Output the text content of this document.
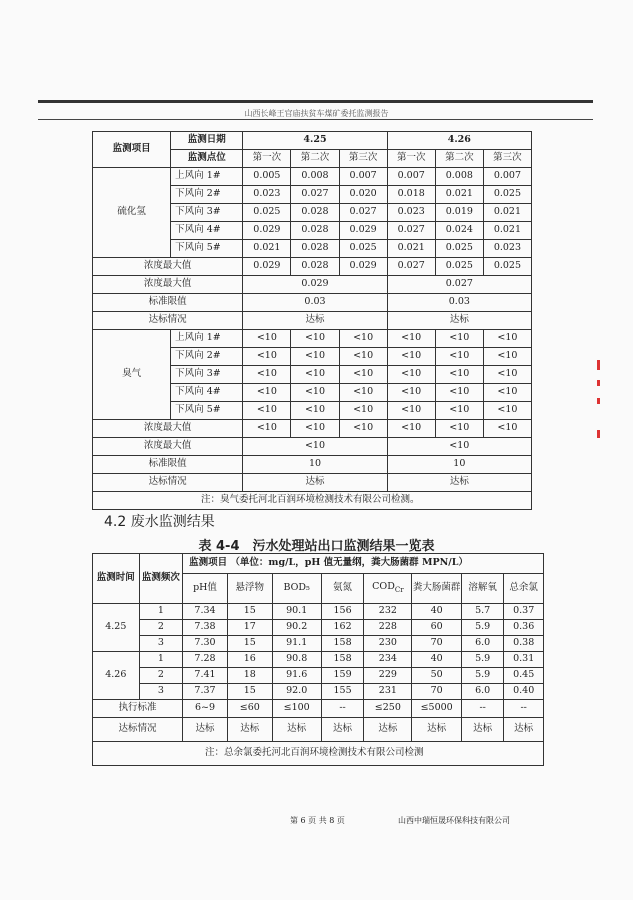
山西长峰王官庙扶贫车煤矿委托监测报告
监测项目	监测日期	4.25			4.26		
	监测点位	第一次	第二次	第三次	第一次	第二次	第三次
硫化氢	上风向 1#	0.005	0.008	0.007	0.007	0.008	0.007
	下风向 2#	0.023	0.027	0.020	0.018	0.021	0.025
	下风向 3#	0.025	0.028	0.027	0.023	0.019	0.021
	下风向 4#	0.029	0.028	0.029	0.027	0.024	0.021
	下风向 5#	0.021	0.028	0.025	0.021	0.025	0.023
浓度最大值		0.029	0.028	0.029	0.027	0.025	0.025
浓度最大值		0.029			0.027		
标准限值		0.03			0.03		
达标情况		达标			达标		
臭气	上风向 1#	<10	<10	<10	<10	<10	<10
	下风向 2#	<10	<10	<10	<10	<10	<10
	下风向 3#	<10	<10	<10	<10	<10	<10
	下风向 4#	<10	<10	<10	<10	<10	<10
	下风向 5#	<10	<10	<10	<10	<10	<10
浓度最大值		<10	<10	<10	<10	<10	<10
浓度最大值		<10			<10		
标准限值		10			10		
达标情况		达标			达标		
注：臭气委托河北百润环境检测技术有限公司检测。							
4.2 废水监测结果
表 4-4　污水处理站出口监测结果一览表
监测时间	监测频次	监测项目 （单位：mg/L，pH 值无量纲，粪大肠菌群 MPN/L）							
		pH值	悬浮物	BOD₅	氨氮	$COD_{Cr}$	粪大肠菌群	溶解氧	总余氯
4.25	1	7.34	15	90.1	156	232	40	5.7	0.37
	2	7.38	17	90.2	162	228	60	5.9	0.36
	3	7.30	15	91.1	158	230	70	6.0	0.38
4.26	1	7.28	16	90.8	158	234	40	5.9	0.31
	2	7.41	18	91.6	159	229	50	5.9	0.45
	3	7.37	15	92.0	155	231	70	6.0	0.40
执行标准		6~9	≤60	≤100	--	≤250	≤5000	--	--
达标情况		达标	达标	达标	达标	达标	达标	达标	达标
注：总余氯委托河北百润环境检测技术有限公司检测									
第 6 页 共 8 页	山西中瑞恒晟环保科技有限公司
